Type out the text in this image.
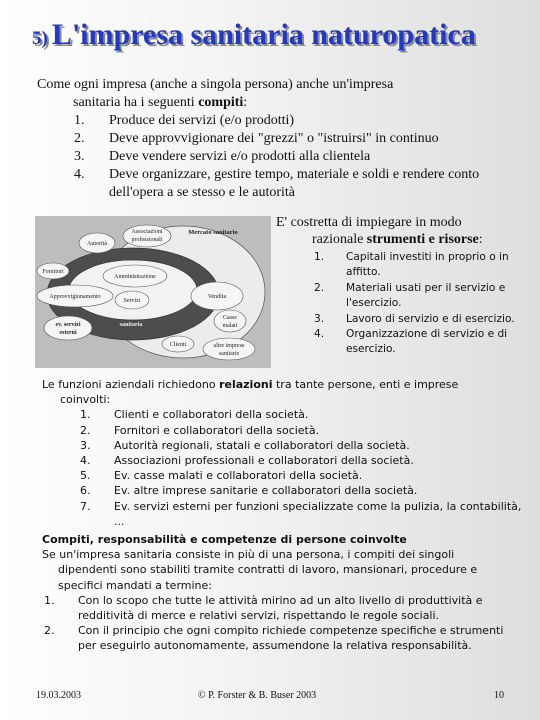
5) L'impresa sanitaria naturopatica
Come ogni impresa (anche a singola persona) anche un'impresa
sanitaria ha i seguenti compiti:
1. Produce dei servizi (e/o prodotti)
2. Deve approvvigionare dei "grezzi" o "istruirsi" in continuo
3. Deve vendere servizi e/o prodotti alla clientela
4. Deve organizzare, gestire tempo, materiale e soldi e rendere conto dell'opera a se stesso e le autorità
Autorità
Associazioni
professionali
Mercato sanitario
Fornitori
Amministrazione
Approvvigionamento
Servizi
Vendita
ev. servizi
esterni
Impresa
sanitaria
Casse
malati
Clienti	altre imprese
sanitarie
E' costretta di impiegare in modo
razionale strumenti e risorse:
1.	Capitali investiti in proprio o in affitto.
2.	Materiali usati per il servizio e l'esercizio.
3.	Lavoro di servizio e di esercizio.
4.	Organizzazione di servizio e di esercizio.
Le funzioni aziendali richiedono relazioni tra tante persone, enti e imprese
coinvolti:
1. Clienti e collaboratori della società.
2. Fornitori e collaboratori della società.
3. Autorità regionali, statali e collaboratori della società.
4. Associazioni professionali e collaboratori della società.
5. Ev. casse malati e collaboratori della società.
6. Ev. altre imprese sanitarie e collaboratori della società.
7. Ev. servizi esterni per funzioni specializzate come la pulizia, la contabilità, ...
Compiti, responsabilità e competenze di persone coinvolte
Se un'impresa sanitaria consiste in più di una persona, i compiti dei singoli
dipendenti sono stabiliti tramite contratti di lavoro, mansionari, procedure e specifici mandati a termine:
1. Con lo scopo che tutte le attività mirino ad un alto livello di produttività e redditività di merce e relativi servizi, rispettando le regole sociali.
2. Con il principio che ogni compito richiede competenze specifiche e strumenti per eseguirlo autonomamente, assumendone la relativa responsabilità.
19.03.2003	© P. Forster & B. Buser 2003	10
